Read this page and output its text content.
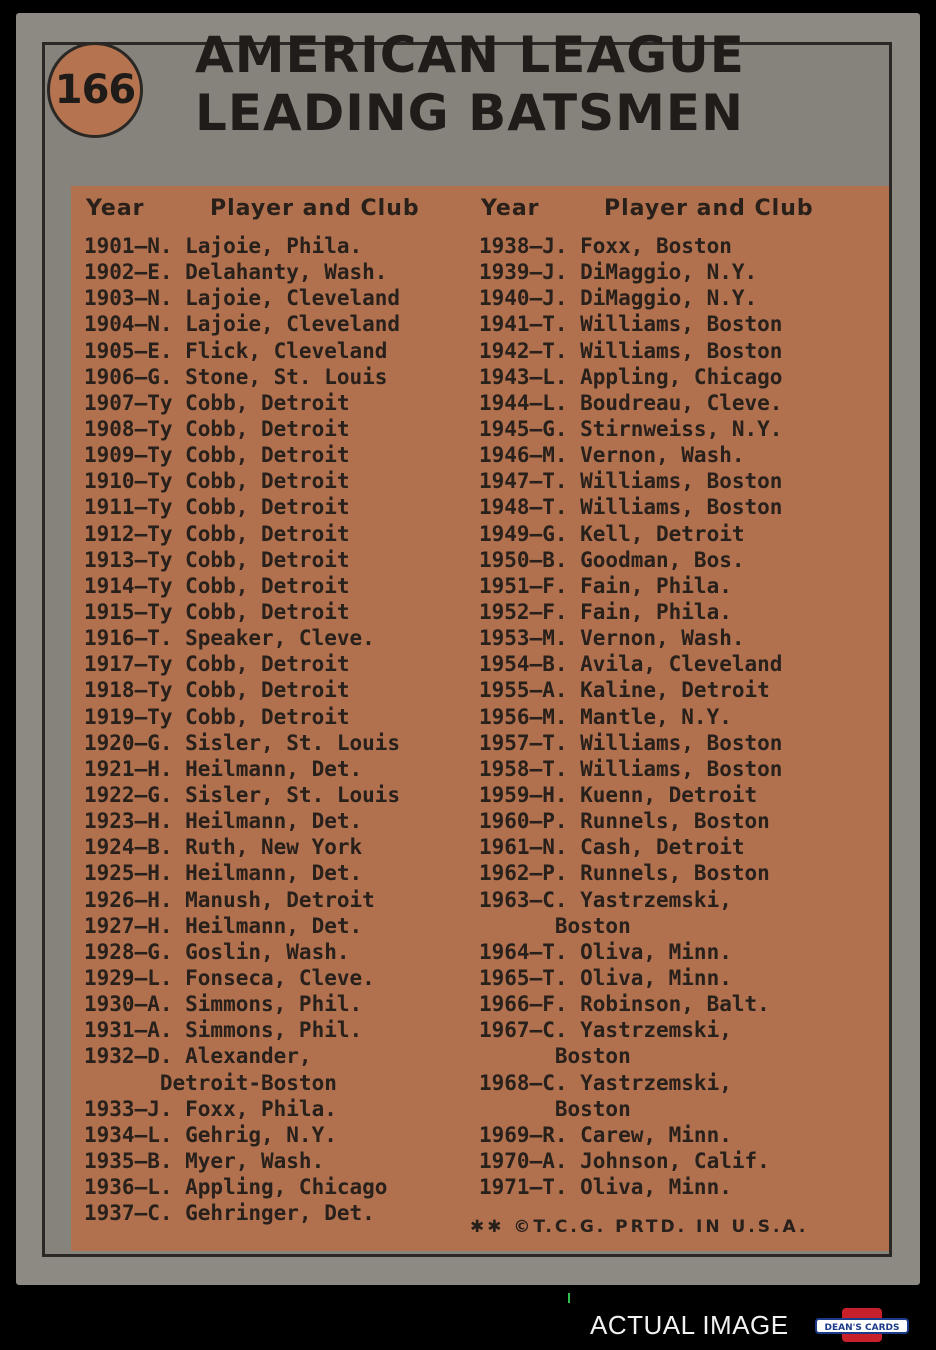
166
AMERICAN LEAGUE
LEADING BATSMEN
Year	Player and Club	Year	Player and Club
1901—N. Lajoie, Phila.
1902—E. Delahanty, Wash.
1903—N. Lajoie, Cleveland
1904—N. Lajoie, Cleveland
1905—E. Flick, Cleveland
1906—G. Stone, St. Louis
1907—Ty Cobb, Detroit
1908—Ty Cobb, Detroit
1909—Ty Cobb, Detroit
1910—Ty Cobb, Detroit
1911—Ty Cobb, Detroit
1912—Ty Cobb, Detroit
1913—Ty Cobb, Detroit
1914—Ty Cobb, Detroit
1915—Ty Cobb, Detroit
1916—T. Speaker, Cleve.
1917—Ty Cobb, Detroit
1918—Ty Cobb, Detroit
1919—Ty Cobb, Detroit
1920—G. Sisler, St. Louis
1921—H. Heilmann, Det.
1922—G. Sisler, St. Louis
1923—H. Heilmann, Det.
1924—B. Ruth, New York
1925—H. Heilmann, Det.
1926—H. Manush, Detroit
1927—H. Heilmann, Det.
1928—G. Goslin, Wash.
1929—L. Fonseca, Cleve.
1930—A. Simmons, Phil.
1931—A. Simmons, Phil.
1932—D. Alexander,
Detroit-Boston
1933—J. Foxx, Phila.
1934—L. Gehrig, N.Y.
1935—B. Myer, Wash.
1936—L. Appling, Chicago
1937—C. Gehringer, Det.
1938—J. Foxx, Boston
1939—J. DiMaggio, N.Y.
1940—J. DiMaggio, N.Y.
1941—T. Williams, Boston
1942—T. Williams, Boston
1943—L. Appling, Chicago
1944—L. Boudreau, Cleve.
1945—G. Stirnweiss, N.Y.
1946—M. Vernon, Wash.
1947—T. Williams, Boston
1948—T. Williams, Boston
1949—G. Kell, Detroit
1950—B. Goodman, Bos.
1951—F. Fain, Phila.
1952—F. Fain, Phila.
1953—M. Vernon, Wash.
1954—B. Avila, Cleveland
1955—A. Kaline, Detroit
1956—M. Mantle, N.Y.
1957—T. Williams, Boston
1958—T. Williams, Boston
1959—H. Kuenn, Detroit
1960—P. Runnels, Boston
1961—N. Cash, Detroit
1962—P. Runnels, Boston
1963—C. Yastrzemski,
Boston
1964—T. Oliva, Minn.
1965—T. Oliva, Minn.
1966—F. Robinson, Balt.
1967—C. Yastrzemski,
Boston
1968—C. Yastrzemski,
Boston
1969—R. Carew, Minn.
1970—A. Johnson, Calif.
1971—T. Oliva, Minn.
✱✱ ©T.C.G. PRTD. IN U.S.A.
ACTUAL IMAGE	DEAN'S CARDS
